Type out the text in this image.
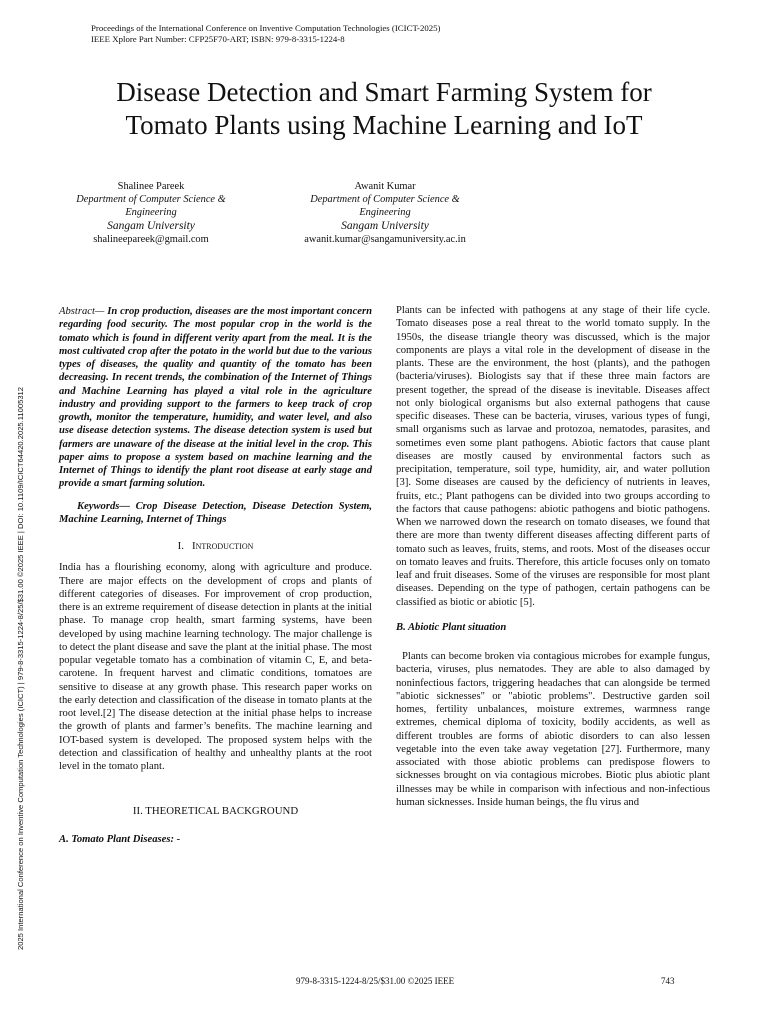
Proceedings of the International Conference on Inventive Computation Technologies (ICICT-2025)
IEEE Xplore Part Number: CFP25F70-ART; ISBN: 979-8-3315-1224-8
Disease Detection and Smart Farming System for
Tomato Plants using Machine Learning and IoT
Shalinee Pareek
Department of Computer Science &
Engineering
Sangam University
shalineepareek@gmail.com
Awanit Kumar
Department of Computer Science &
Engineering
Sangam University
awanit.kumar@sangamuniversity.ac.in
2025 International Conference on Inventive Computation Technologies (ICICT) | 979-8-3315-1224-8/25/$31.00 ©2025 IEEE | DOI: 10.1109/ICICT64420.2025.11005312

Abstract— In crop production, diseases are the most important concern regarding food security. The most popular crop in the world is the tomato which is found in different verity apart from the meal. It is the most cultivated crop after the potato in the world but due to the various types of diseases, the quality and quantity of the tomato has been decreasing. In recent trends, the combination of the Internet of Things and Machine Learning has played a vital role in the agriculture industry and providing support to the farmers to keep track of crop growth, monitor the temperature, humidity, and water level, and also use disease detection systems. The disease detection system is used but farmers are unaware of the disease at the initial level in the crop. This paper aims to propose a system based on machine learning and the Internet of Things to identify the plant root disease at early stage and provide a smart farming solution.

Keywords— Crop Disease Detection, Disease Detection System, Machine Learning, Internet of Things

I. Introduction

India has a flourishing economy, along with agriculture and produce. There are major effects on the development of crops and plants of different categories of diseases. For improvement of crop production, there is an extreme requirement of disease detection in plants at the initial phase. To manage crop health, smart farming systems, have been developed by using machine learning technology. The major challenge is to detect the plant disease and save the plant at the initial phase. The most popular vegetable tomato has a combination of vitamin C, E, and beta-carotene. In frequent harvest and climatic conditions, tomatoes are sensitive to disease at any growth phase. This research paper works on the early detection and classification of the disease in tomato plants at the root level.[2] The disease detection at the initial phase helps to increase the growth of plants and farmer’s benefits. The machine learning and IOT-based system is developed. The proposed system helps with the detection and classification of healthy and unhealthy plants at the root level in the tomato plant.

II. THEORETICAL BACKGROUND

A. Tomato Plant Diseases: -

Plants can be infected with pathogens at any stage of their life cycle. Tomato diseases pose a real threat to the world tomato supply. In the 1950s, the disease triangle theory was discussed, which is the major components are plays a vital role in the development of disease in the plants. These are the environment, the host (plants), and the pathogen (bacteria/viruses). Biologists say that if these three main factors are present together, the spread of the disease is inevitable. Diseases affect not only biological organisms but also external pathogens that cause specific diseases. These can be bacteria, viruses, various types of fungi, small organisms such as larvae and protozoa, nematodes, parasites, and sometimes even some plant pathogens. Abiotic factors that cause plant diseases are mostly caused by environmental factors such as precipitation, temperature, soil type, humidity, air, and water pollution [3]. Some diseases are caused by the deficiency of nutrients in leaves, fruits, etc.; Plant pathogens can be divided into two groups according to the factors that cause pathogens: abiotic pathogens and biotic pathogens. When we narrowed down the research on tomato diseases, we found that there are more than twenty different diseases affecting different parts of tomato such as leaves, fruits, stems, and roots. Most of the diseases occur on tomato leaves and fruits. Therefore, this article focuses only on tomato leaf and fruit diseases. Some of the viruses are responsible for most plant diseases. Depending on the type of pathogen, certain pathogens can be classified as biotic or abiotic [5].

B. Abiotic Plant situation

Plants can become broken via contagious microbes for example fungus, bacteria, viruses, plus nematodes. They are able to also damaged by noninfectious factors, triggering headaches that can alongside be termed "abiotic sicknesses" or "abiotic problems". Destructive garden soil homes, fertility unbalances, moisture extremes, warmness range extremes, chemical diploma of toxicity, bodily accidents, as well as different troubles are forms of abiotic disorders to can also lessen vegetable into the even take away vegetation [27]. Furthermore, many associated with those abiotic problems can predispose flowers to sicknesses brought on via contagious microbes. Biotic plus abiotic plant illnesses may be while in comparison with infectious and non-infectious human sicknesses. Inside human beings, the flu virus and

979-8-3315-1224-8/25/$31.00 ©2025 IEEE	743
